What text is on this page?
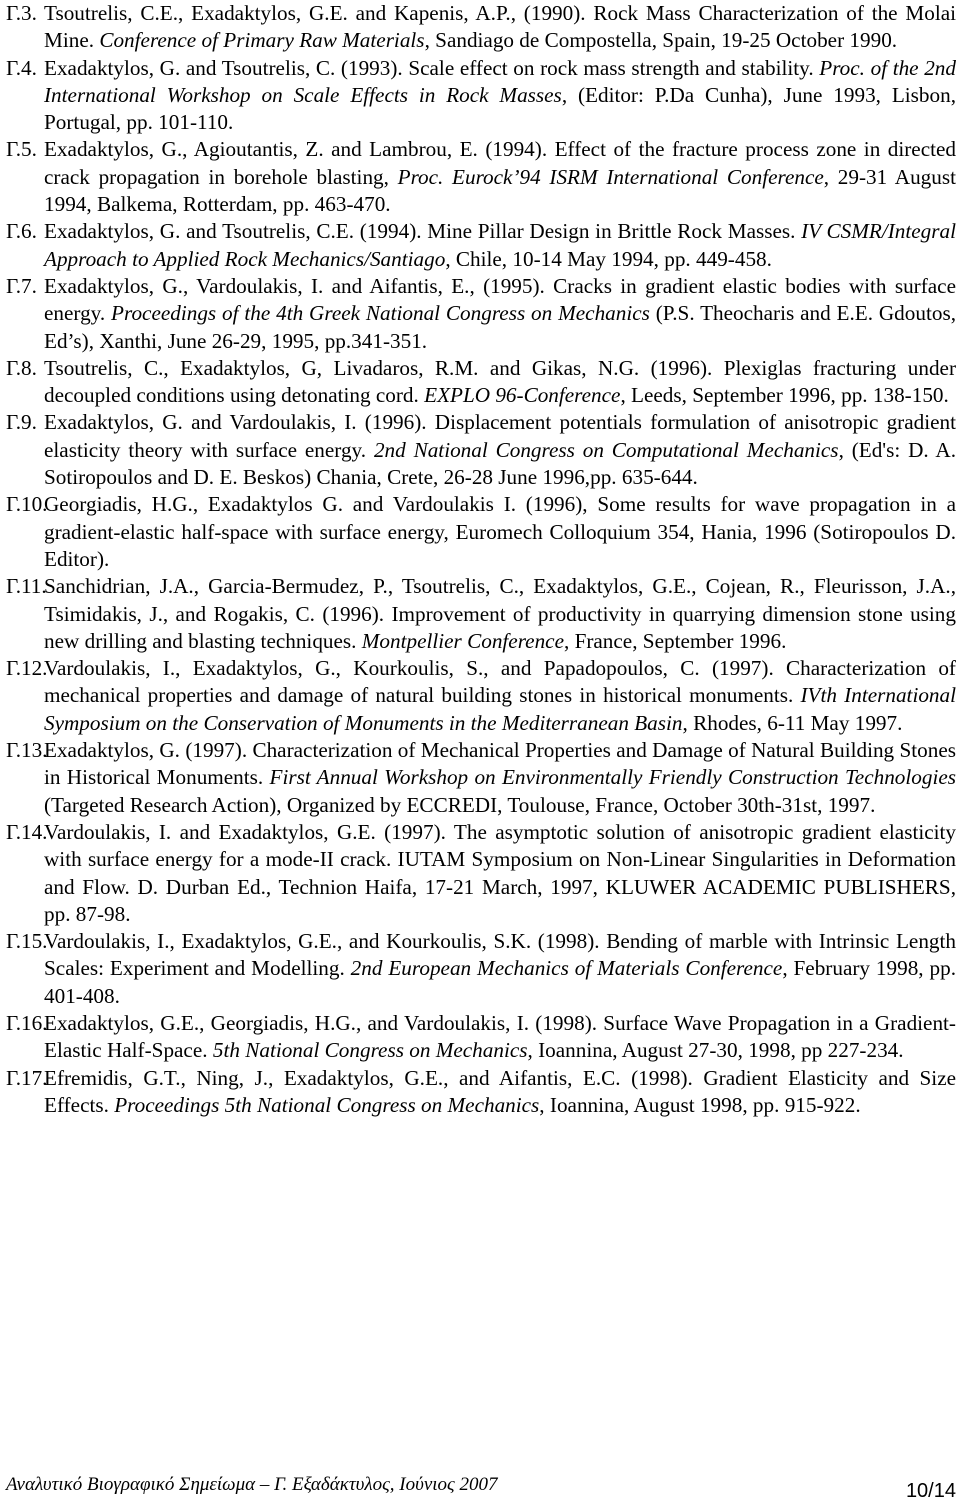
Γ.3. Tsoutrelis, C.E., Exadaktylos, G.E. and Kapenis, A.P., (1990). Rock Mass Characterization of the Molai Mine. Conference of Primary Raw Materials, Sandiago de Compostella, Spain, 19-25 October 1990.
Γ.4. Exadaktylos, G. and Tsoutrelis, C. (1993). Scale effect on rock mass strength and stability. Proc. of the 2nd International Workshop on Scale Effects in Rock Masses, (Editor: P.Da Cunha), June 1993, Lisbon, Portugal, pp. 101-110.
Γ.5. Exadaktylos, G., Agioutantis, Z. and Lambrou, E. (1994). Effect of the fracture process zone in directed crack propagation in borehole blasting, Proc. Eurock’94 ISRM International Conference, 29-31 August 1994, Balkema, Rotterdam, pp. 463-470.
Γ.6. Exadaktylos, G. and Tsoutrelis, C.E. (1994). Mine Pillar Design in Brittle Rock Masses. IV CSMR/Integral Approach to Applied Rock Mechanics/Santiago, Chile, 10-14 May 1994, pp. 449-458.
Γ.7. Exadaktylos, G., Vardoulakis, I. and Aifantis, E., (1995). Cracks in gradient elastic bodies with surface energy. Proceedings of the 4th Greek National Congress on Mechanics (P.S. Theocharis and E.E. Gdoutos, Ed’s), Xanthi, June 26-29, 1995, pp.341-351.
Γ.8. Tsoutrelis, C., Exadaktylos, G, Livadaros, R.M. and Gikas, N.G. (1996). Plexiglas fracturing under decoupled conditions using detonating cord. EXPLO 96-Conference, Leeds, September 1996, pp. 138-150.
Γ.9. Exadaktylos, G. and Vardoulakis, I. (1996). Displacement potentials formulation of anisotropic gradient elasticity theory with surface energy. 2nd National Congress on Computational Mechanics, (Ed's: D. A. Sotiropoulos and D. E. Beskos) Chania, Crete, 26-28 June 1996,pp. 635-644.
Γ.10.
Georgiadis, H.G., Exadaktylos G. and Vardoulakis I. (1996), Some results for wave propagation in a gradient-elastic half-space with surface energy, Euromech Colloquium 354, Hania, 1996 (Sotiropoulos D. Editor).
Γ.11.
Sanchidrian, J.A., Garcia-Bermudez, P., Tsoutrelis, C., Exadaktylos, G.E., Cojean, R., Fleurisson, J.A., Tsimidakis, J., and Rogakis, C. (1996). Improvement of productivity in quarrying dimension stone using new drilling and blasting techniques. Montpellier Conference, France, September 1996.
Γ.12.
Vardoulakis, I., Exadaktylos, G., Kourkoulis, S., and Papadopoulos, C. (1997). Characterization of mechanical properties and damage of natural building stones in historical monuments. IVth International Symposium on the Conservation of Monuments in the Mediterranean Basin, Rhodes, 6-11 May 1997.
Γ.13.
Exadaktylos, G. (1997). Characterization of Mechanical Properties and Damage of Natural Building Stones in Historical Monuments. First Annual Workshop on Environmentally Friendly Construction Technologies (Targeted Research Action), Organized by ECCREDI, Toulouse, France, October 30th-31st, 1997.
Γ.14.
Vardoulakis, I. and Exadaktylos, G.E. (1997). The asymptotic solution of anisotropic gradient elasticity with surface energy for a mode-II crack. IUTAM Symposium on Non-Linear Singularities in Deformation and Flow. D. Durban Ed., Technion Haifa, 17-21 March, 1997, KLUWER ACADEMIC PUBLISHERS, pp. 87-98.
Γ.15.
Vardoulakis, I., Exadaktylos, G.E., and Kourkoulis, S.K. (1998). Bending of marble with Intrinsic Length Scales: Experiment and Modelling. 2nd European Mechanics of Materials Conference, February 1998, pp. 401-408.
Γ.16.
Exadaktylos, G.E., Georgiadis, H.G., and Vardoulakis, I. (1998). Surface Wave Propagation in a Gradient-Elastic Half-Space. 5th National Congress on Mechanics, Ioannina, August 27-30, 1998, pp 227-234.
Γ.17.
Efremidis, G.T., Ning, J., Exadaktylos, G.E., and Aifantis, E.C. (1998). Gradient Elasticity and Size Effects. Proceedings 5th National Congress on Mechanics, Ioannina, August 1998, pp. 915-922.
Αναλυτικό Βιογραφικό Σημείωμα – Γ. Εξαδάκτυλος, Ιούνιος 2007	10/14
